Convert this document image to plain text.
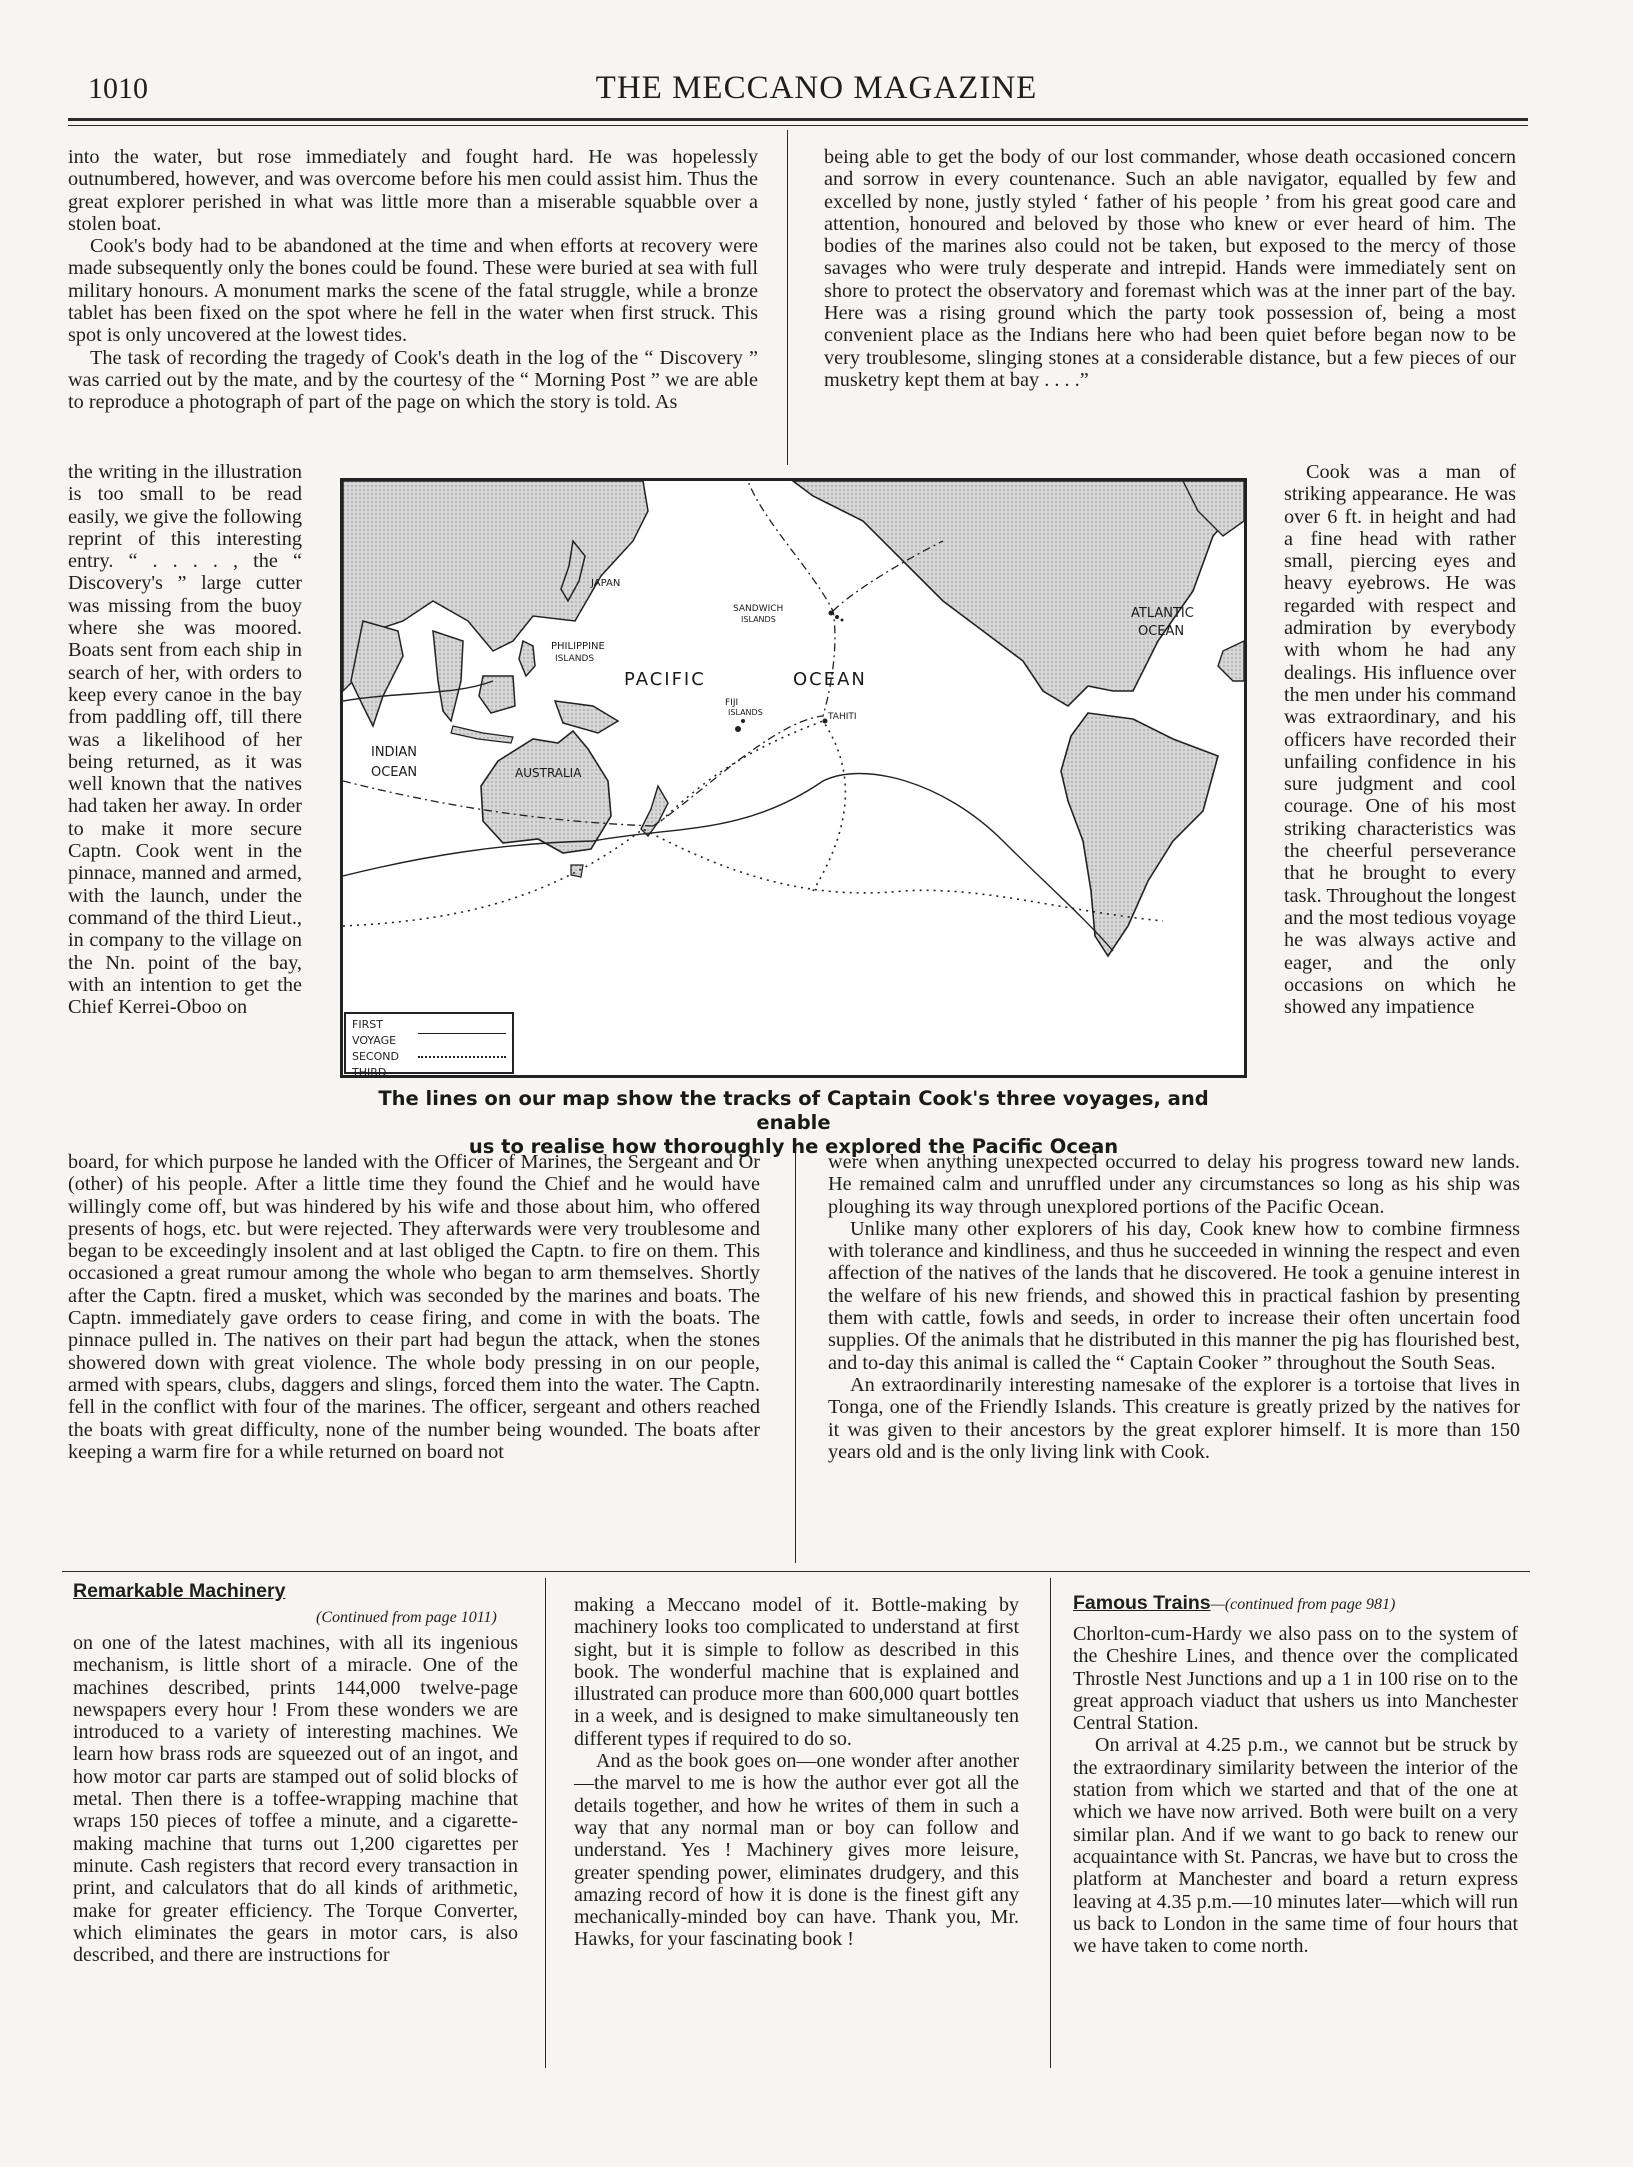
1010	THE MECCANO MAGAZINE

into the water, but rose immediately and fought hard. He was hopelessly outnumbered, however, and was overcome before his men could assist him. Thus the great explorer perished in what was little more than a miserable squabble over a stolen boat.

Cook's body had to be abandoned at the time and when efforts at recovery were made subsequently only the bones could be found. These were buried at sea with full military honours. A monument marks the scene of the fatal struggle, while a bronze tablet has been fixed on the spot where he fell in the water when first struck. This spot is only uncovered at the lowest tides.

The task of recording the tragedy of Cook's death in the log of the “ Discovery ” was carried out by the mate, and by the courtesy of the “ Morning Post ” we are able to reproduce a photograph of part of the page on which the story is told. As

the writing in the illustration is too small to be read easily, we give the following reprint of this interesting entry. “ . . . . , the “ Discovery's ” large cutter was missing from the buoy where she was moored. Boats sent from each ship in search of her, with orders to keep every canoe in the bay from paddling off, till there was a likelihood of her being returned, as it was well known that the natives had taken her away. In order to make it more secure Captn. Cook went in the pinnace, manned and armed, with the launch, under the command of the third Lieut., in company to the village on the Nn. point of the bay, with an intention to get the Chief Kerrei-Oboo on

board, for which purpose he landed with the Officer of Marines, the Sergeant and Or (other) of his people. After a little time they found the Chief and he would have willingly come off, but was hindered by his wife and those about him, who offered presents of hogs, etc. but were rejected. They afterwards were very troublesome and began to be exceedingly insolent and at last obliged the Captn. to fire on them. This occasioned a great rumour among the whole who began to arm themselves. Shortly after the Captn. fired a musket, which was seconded by the marines and boats. The Captn. immediately gave orders to cease firing, and come in with the boats. The pinnace pulled in. The natives on their part had begun the attack, when the stones showered down with great violence. The whole body pressing in on our people, armed with spears, clubs, daggers and slings, forced them into the water. The Captn. fell in the conflict with four of the marines. The officer, sergeant and others reached the boats with great difficulty, none of the number being wounded. The boats after keeping a warm fire for a while returned on board not

being able to get the body of our lost commander, whose death occasioned concern and sorrow in every countenance. Such an able navigator, equalled by few and excelled by none, justly styled ‘ father of his people ’ from his great good care and attention, honoured and beloved by those who knew or ever heard of him. The bodies of the marines also could not be taken, but exposed to the mercy of those savages who were truly desperate and intrepid. Hands were immediately sent on shore to protect the observatory and foremast which was at the inner part of the bay. Here was a rising ground which the party took possession of, being a most convenient place as the Indians here who had been quiet before began now to be very troublesome, slinging stones at a considerable distance, but a few pieces of our musketry kept them at bay . . . .”

Cook was a man of striking appearance. He was over 6 ft. in height and had a fine head with rather small, piercing eyes and heavy eyebrows. He was regarded with respect and admiration by everybody with whom he had any dealings. His influence over the men under his command was extraordinary, and his officers have recorded their unfailing confidence in his sure judgment and cool courage. One of his most striking characteristics was the cheerful perseverance that he brought to every task. Throughout the longest and the most tedious voyage he was always active and eager, and the only occasions on which he showed any impatience

were when anything unexpected occurred to delay his progress toward new lands. He remained calm and unruffled under any circumstances so long as his ship was ploughing its way through unexplored portions of the Pacific Ocean.

Unlike many other explorers of his day, Cook knew how to combine firmness with tolerance and kindliness, and thus he succeeded in winning the respect and even affection of the natives of the lands that he discovered. He took a genuine interest in the welfare of his new friends, and showed this in practical fashion by presenting them with cattle, fowls and seeds, in order to increase their often uncertain food supplies. Of the animals that he distributed in this manner the pig has flourished best, and to-day this animal is called the “ Captain Cooker ” throughout the South Seas.

An extraordinarily interesting namesake of the explorer is a tortoise that lives in Tonga, one of the Friendly Islands. This creature is greatly prized by the natives for it was given to their ancestors by the great explorer himself. It is more than 150 years old and is the only living link with Cook.

JAPAN
PHILIPPINE
ISLANDS
SANDWICH
ISLANDS
PACIFIC	OCEAN
ATLANTIC
OCEAN
FIJI
ISLANDS	TAHITI
INDIAN
OCEAN	AUSTRALIA
FIRST VOYAGE
SECOND
THIRD
The lines on our map show the tracks of Captain Cook's three voyages, and enable
us to realise how thoroughly he explored the Pacific Ocean
Remarkable Machinery
(Continued from page 1011)

on one of the latest machines, with all its ingenious mechanism, is little short of a miracle. One of the machines described, prints 144,000 twelve-page newspapers every hour ! From these wonders we are introduced to a variety of interesting machines. We learn how brass rods are squeezed out of an ingot, and how motor car parts are stamped out of solid blocks of metal. Then there is a toffee-wrapping machine that wraps 150 pieces of toffee a minute, and a cigarette-making machine that turns out 1,200 cigarettes per minute. Cash registers that record every transaction in print, and calculators that do all kinds of arithmetic, make for greater efficiency. The Torque Converter, which eliminates the gears in motor cars, is also described, and there are instructions for

making a Meccano model of it. Bottle-making by machinery looks too complicated to understand at first sight, but it is simple to follow as described in this book. The wonderful machine that is explained and illustrated can produce more than 600,000 quart bottles in a week, and is designed to make simultaneously ten different types if required to do so.

And as the book goes on—one wonder after another—the marvel to me is how the author ever got all the details together, and how he writes of them in such a way that any normal man or boy can follow and understand. Yes ! Machinery gives more leisure, greater spending power, eliminates drudgery, and this amazing record of how it is done is the finest gift any mechanically-minded boy can have. Thank you, Mr. Hawks, for your fascinating book !

Famous Trains—(continued from page 981)

Chorlton-cum-Hardy we also pass on to the system of the Cheshire Lines, and thence over the complicated Throstle Nest Junctions and up a 1 in 100 rise on to the great approach viaduct that ushers us into Manchester Central Station.

On arrival at 4.25 p.m., we cannot but be struck by the extraordinary similarity between the interior of the station from which we started and that of the one at which we have now arrived. Both were built on a very similar plan. And if we want to go back to renew our acquaintance with St. Pancras, we have but to cross the platform at Manchester and board a return express leaving at 4.35 p.m.—10 minutes later—which will run us back to London in the same time of four hours that we have taken to come north.
